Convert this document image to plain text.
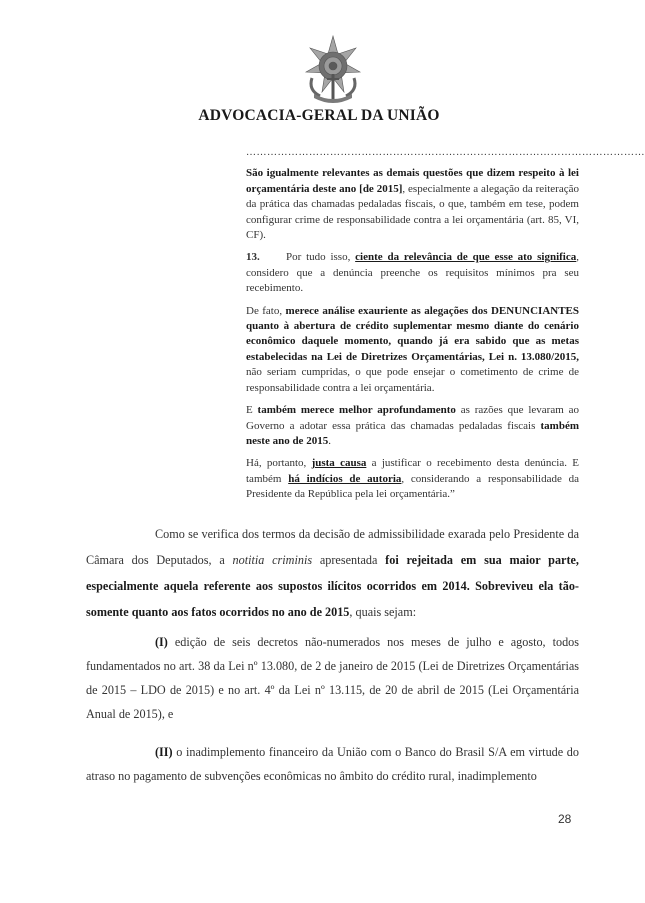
ADVOCACIA-GERAL DA UNIÃO

……………………………………………………………………………………………………

São igualmente relevantes as demais questões que dizem respeito à lei orçamentária deste ano [de 2015], especialmente a alegação da reiteração da prática das chamadas pedaladas fiscais, o que, também em tese, podem configurar crime de responsabilidade contra a lei orçamentária (art. 85, VI, CF).

13. Por tudo isso, ciente da relevância de que esse ato significa, considero que a denúncia preenche os requisitos mínimos pra seu recebimento.

De fato, merece análise exauriente as alegações dos DENUNCIANTES quanto à abertura de crédito suplementar mesmo diante do cenário econômico daquele momento, quando já era sabido que as metas estabelecidas na Lei de Diretrizes Orçamentárias, Lei n. 13.080/2015, não seriam cumpridas, o que pode ensejar o cometimento de crime de responsabilidade contra a lei orçamentária.

E também merece melhor aprofundamento as razões que levaram ao Governo a adotar essa prática das chamadas pedaladas fiscais também neste ano de 2015.

Há, portanto, justa causa a justificar o recebimento desta denúncia. E também há indícios de autoria, considerando a responsabilidade da Presidente da República pela lei orçamentária.”

Como se verifica dos termos da decisão de admissibilidade exarada pelo Presidente da Câmara dos Deputados, a notitia criminis apresentada foi rejeitada em sua maior parte, especialmente aquela referente aos supostos ilícitos ocorridos em 2014. Sobreviveu ela tão-somente quanto aos fatos ocorridos no ano de 2015, quais sejam:

(I) edição de seis decretos não-numerados nos meses de julho e agosto, todos fundamentados no art. 38 da Lei nº 13.080, de 2 de janeiro de 2015 (Lei de Diretrizes Orçamentárias de 2015 – LDO de 2015) e no art. 4º da Lei nº 13.115, de 20 de abril de 2015 (Lei Orçamentária Anual de 2015), e

(II) o inadimplemento financeiro da União com o Banco do Brasil S/A em virtude do atraso no pagamento de subvenções econômicas no âmbito do crédito rural, inadimplemento

28
